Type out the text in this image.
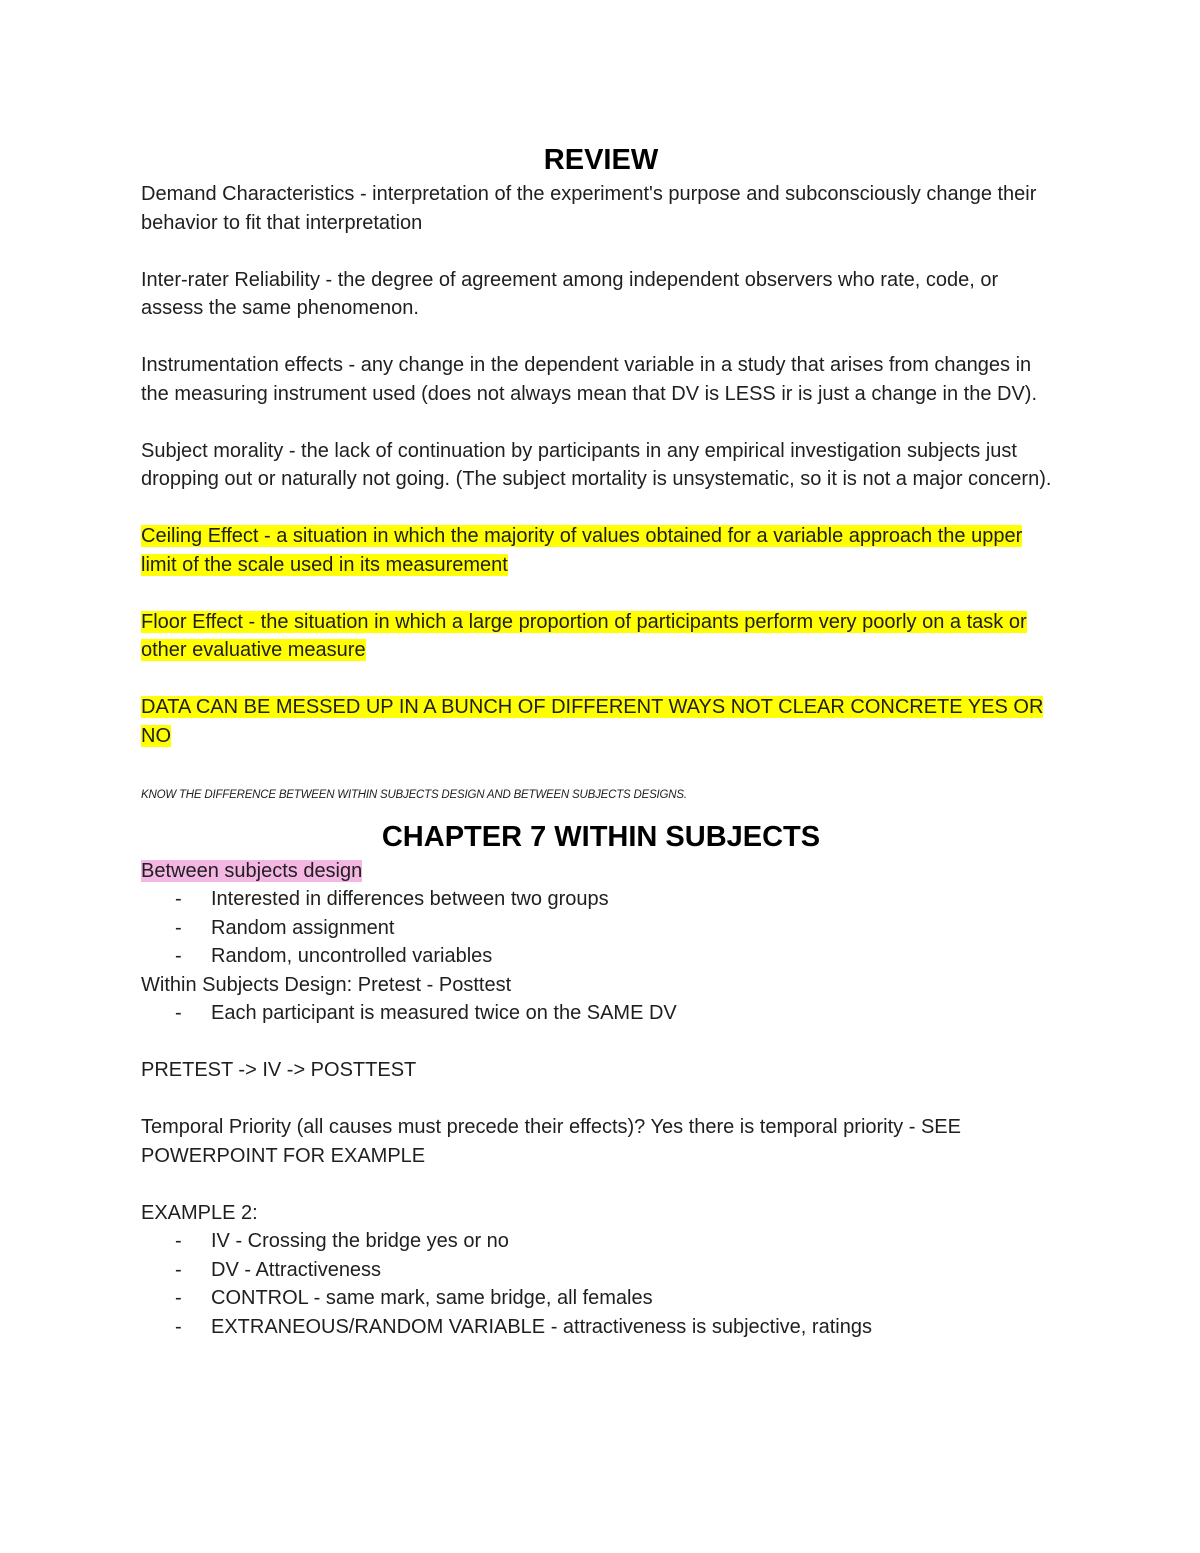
REVIEW

Demand Characteristics - interpretation of the experiment's purpose and subconsciously change their behavior to fit that interpretation

Inter-rater Reliability - the degree of agreement among independent observers who rate, code, or assess the same phenomenon.

Instrumentation effects - any change in the dependent variable in a study that arises from changes in the measuring instrument used (does not always mean that DV is LESS ir is just a change in the DV).

Subject morality - the lack of continuation by participants in any empirical investigation subjects just dropping out or naturally not going. (The subject mortality is unsystematic, so it is not a major concern).

Ceiling Effect - a situation in which the majority of values obtained for a variable approach the upper limit of the scale used in its measurement

Floor Effect - the situation in which a large proportion of participants perform very poorly on a task or other evaluative measure

DATA CAN BE MESSED UP IN A BUNCH OF DIFFERENT WAYS NOT CLEAR CONCRETE YES OR NO

KNOW THE DIFFERENCE BETWEEN WITHIN SUBJECTS DESIGN AND BETWEEN SUBJECTS DESIGNS.

CHAPTER 7 WITHIN SUBJECTS

Between subjects design

- Interested in differences between two groups
- Random assignment
- Random, uncontrolled variables

Within Subjects Design: Pretest - Posttest

- Each participant is measured twice on the SAME DV

PRETEST -> IV -> POSTTEST

Temporal Priority (all causes must precede their effects)? Yes there is temporal priority - SEE POWERPOINT FOR EXAMPLE

EXAMPLE 2:

- IV - Crossing the bridge yes or no
- DV - Attractiveness
- CONTROL - same mark, same bridge, all females
- EXTRANEOUS/RANDOM VARIABLE - attractiveness is subjective, ratings
